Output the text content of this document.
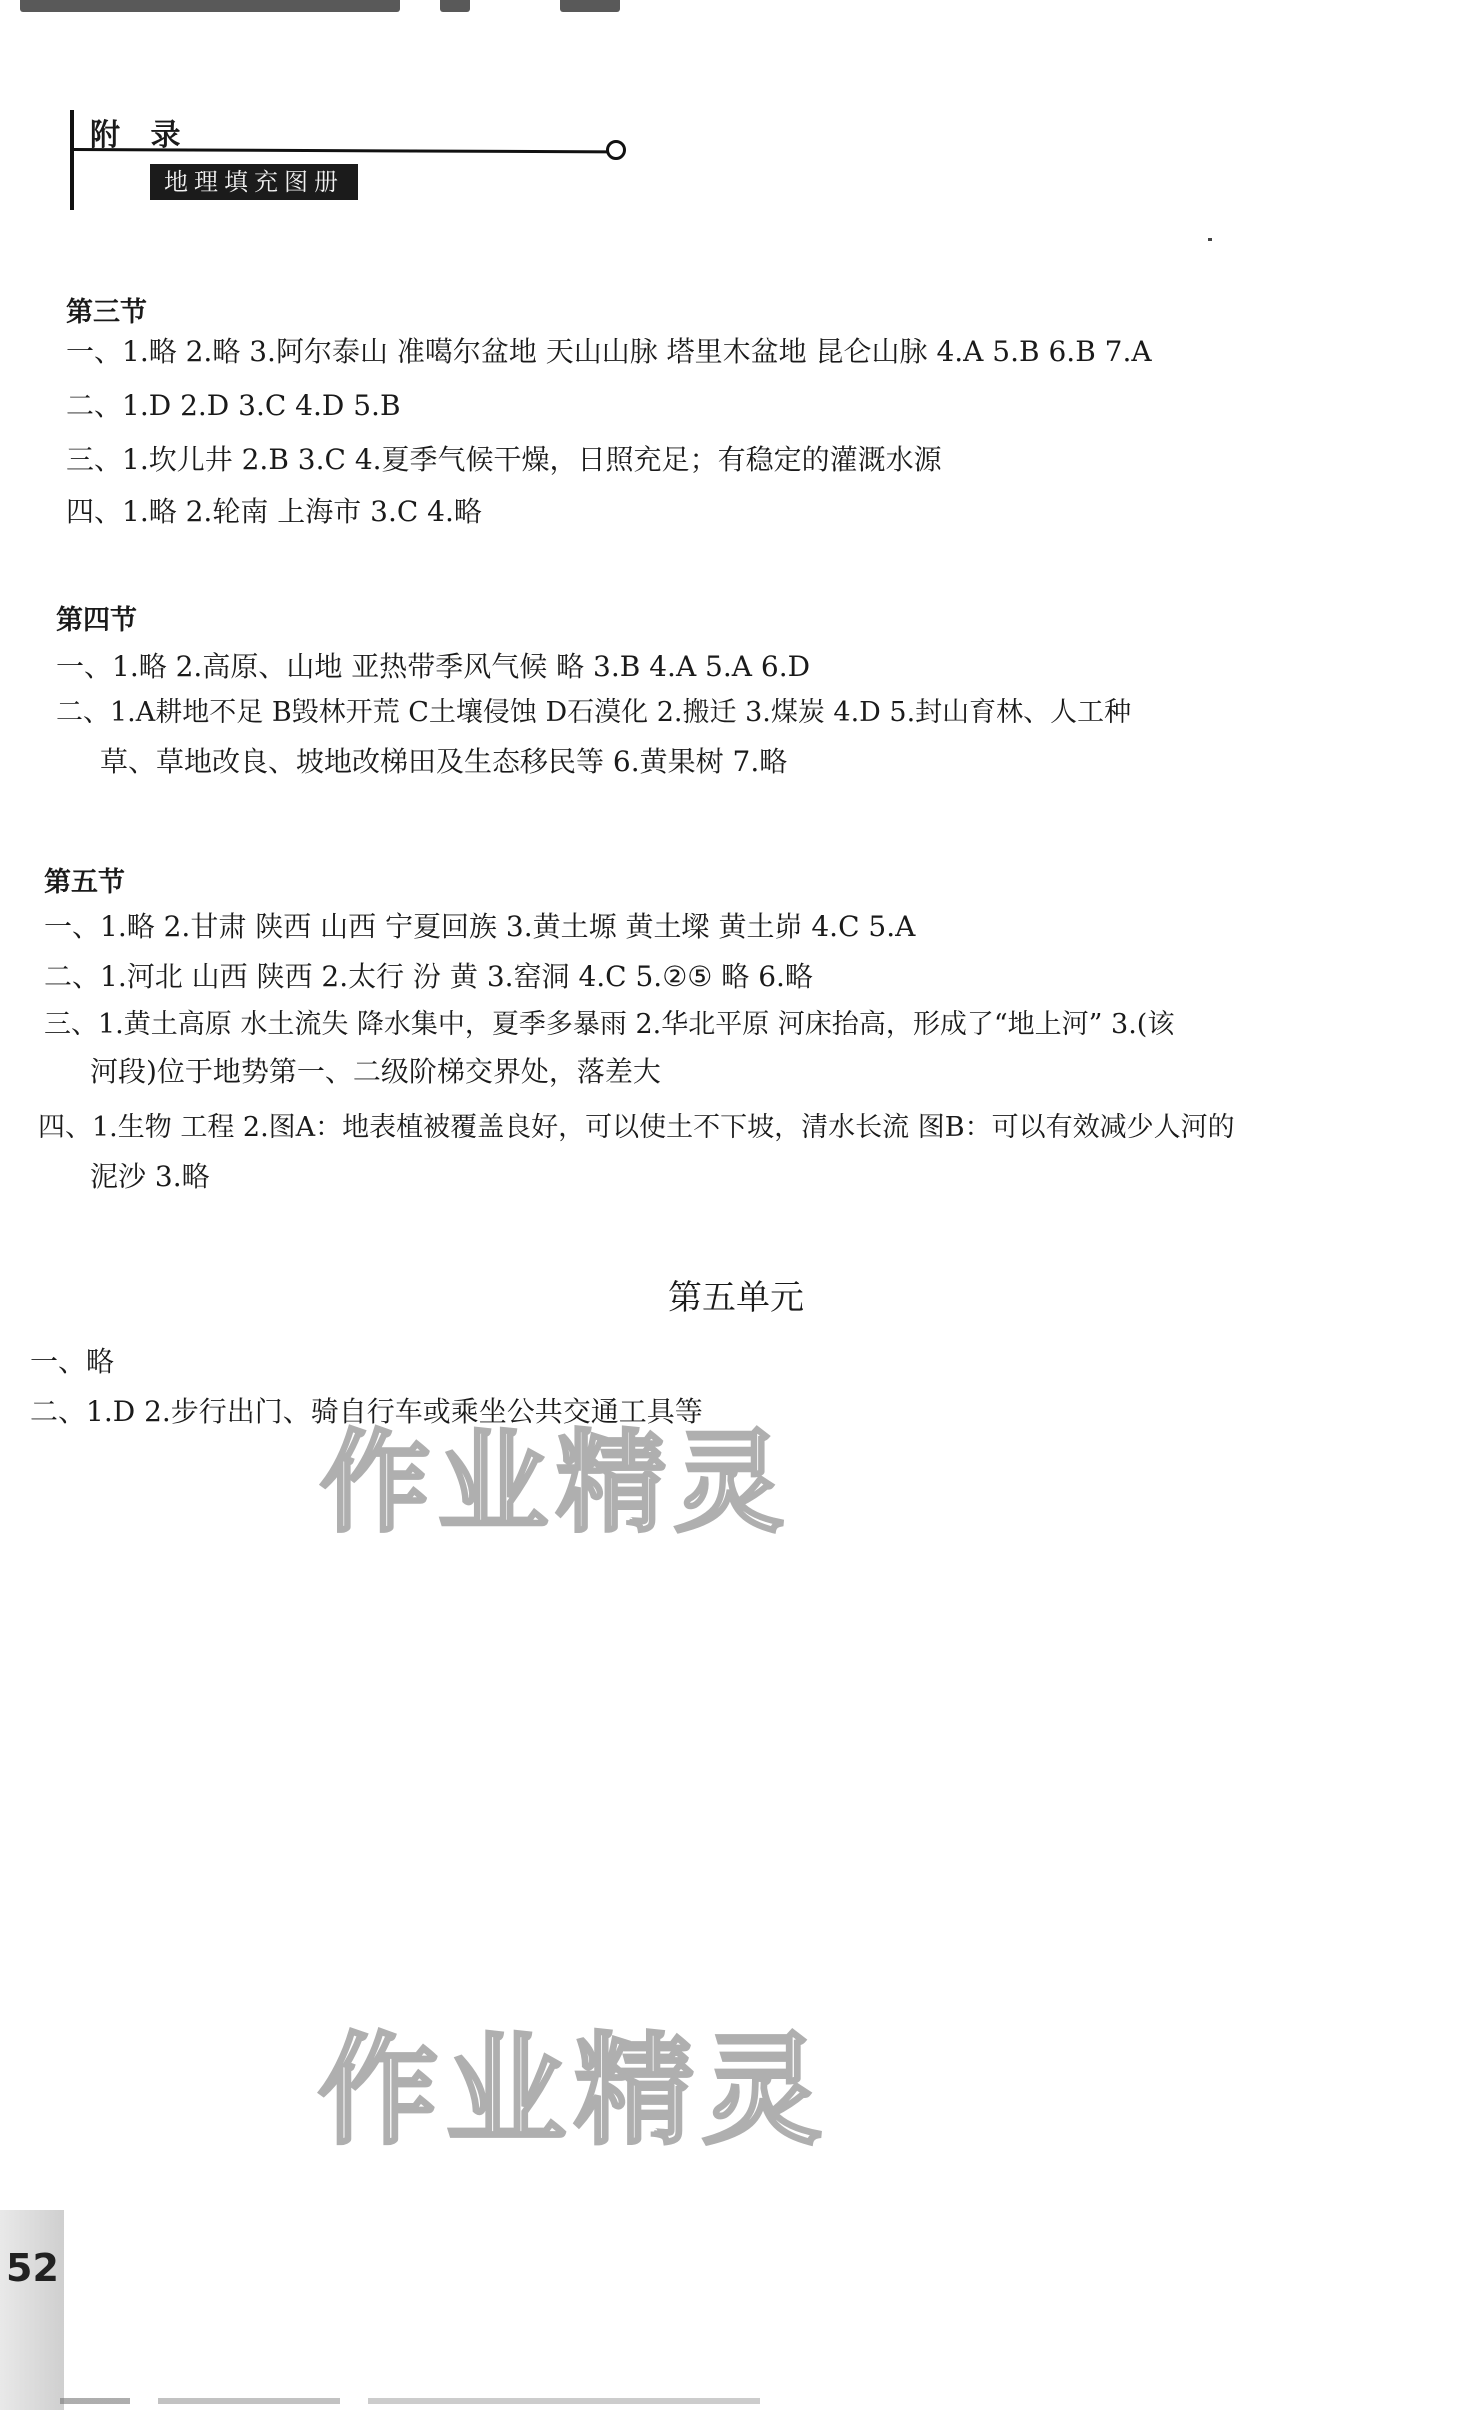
附 录
地理填充图册
第三节
一、1.略 2.略 3.阿尔泰山 准噶尔盆地 天山山脉 塔里木盆地 昆仑山脉 4.A 5.B 6.B 7.A
二、1.D 2.D 3.C 4.D 5.B
三、1.坎儿井 2.B 3.C 4.夏季气候干燥，日照充足；有稳定的灌溉水源
四、1.略 2.轮南 上海市 3.C 4.略
第四节
一、1.略 2.高原、山地 亚热带季风气候 略 3.B 4.A 5.A 6.D
二、1.A耕地不足 B毁林开荒 C土壤侵蚀 D石漠化 2.搬迁 3.煤炭 4.D 5.封山育林、人工种
草、草地改良、坡地改梯田及生态移民等 6.黄果树 7.略
第五节
一、1.略 2.甘肃 陕西 山西 宁夏回族 3.黄土塬 黄土墚 黄土峁 4.C 5.A
二、1.河北 山西 陕西 2.太行 汾 黄 3.窑洞 4.C 5.②⑤ 略 6.略
三、1.黄土高原 水土流失 降水集中，夏季多暴雨 2.华北平原 河床抬高，形成了“地上河” 3.(该
河段)位于地势第一、二级阶梯交界处，落差大
四、1.生物 工程 2.图A：地表植被覆盖良好，可以使土不下坡，清水长流 图B：可以有效减少人河的
泥沙 3.略
第五单元
一、略
二、1.D 2.步行出门、骑自行车或乘坐公共交通工具等
作业精灵
作业精灵
52
